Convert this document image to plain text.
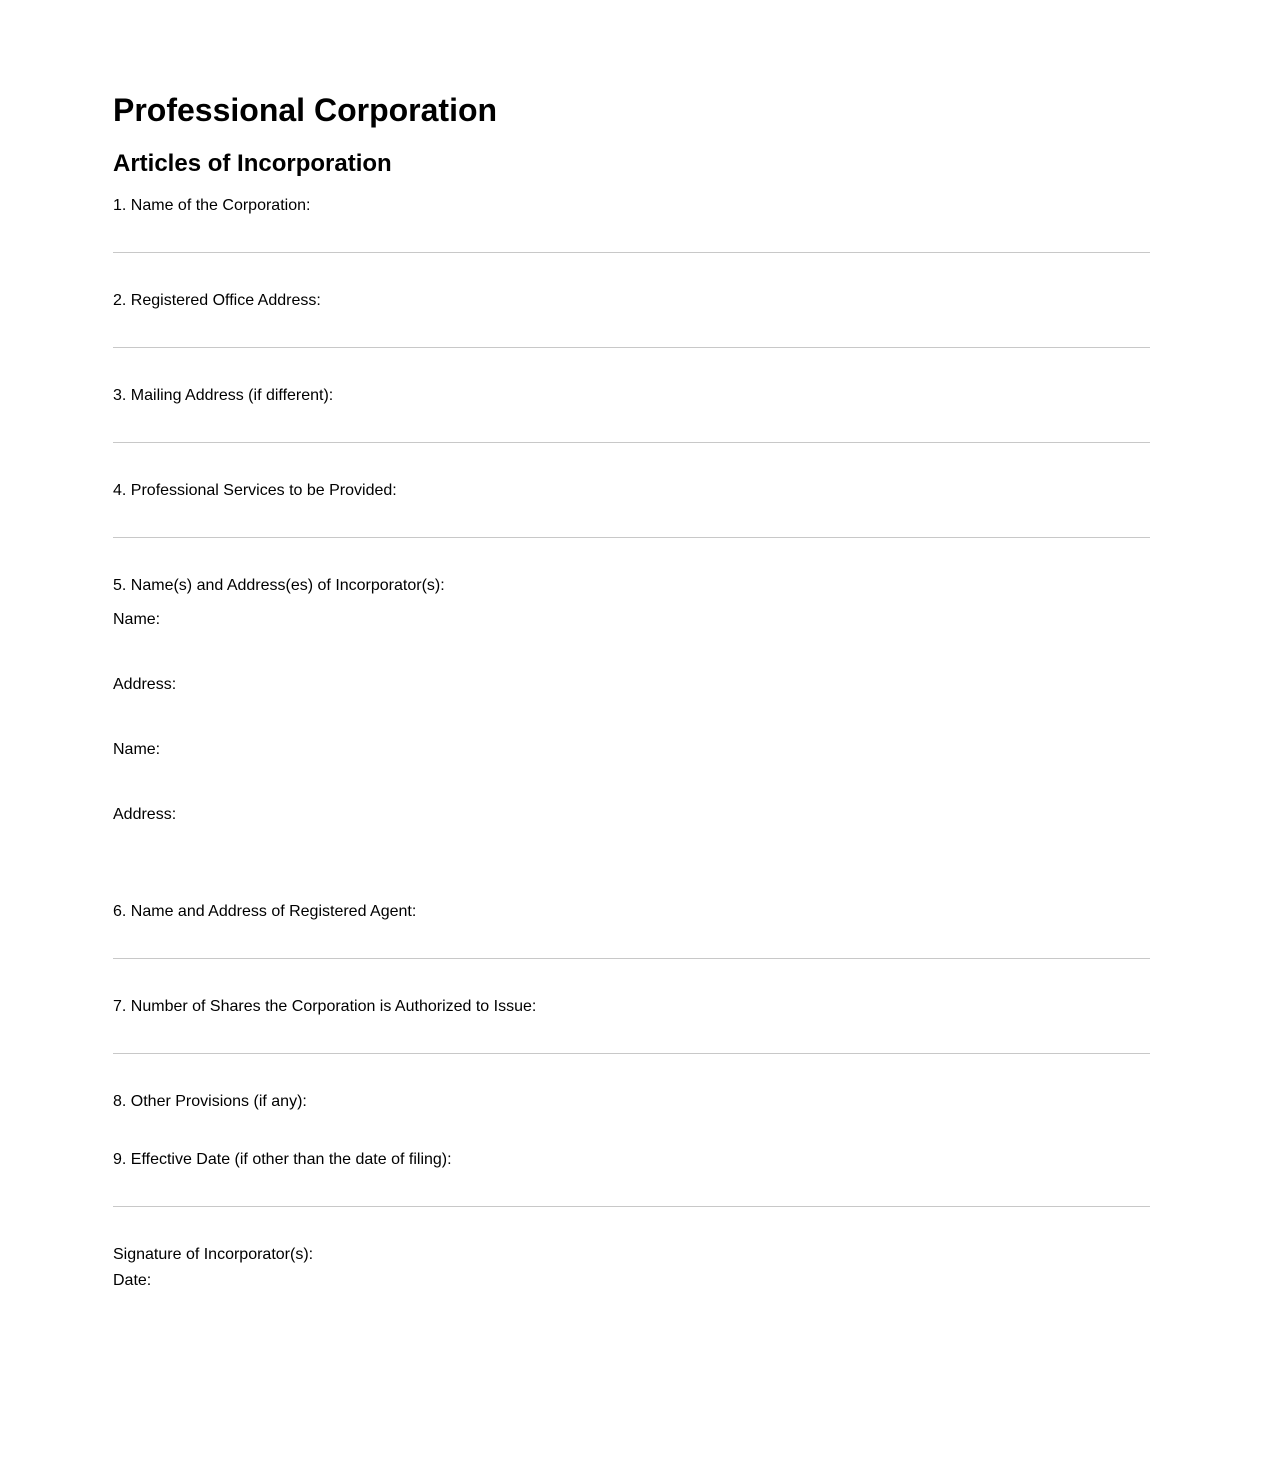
Professional Corporation
Articles of Incorporation
1. Name of the Corporation:
2. Registered Office Address:
3. Mailing Address (if different):
4. Professional Services to be Provided:
5. Name(s) and Address(es) of Incorporator(s):
Name:
Address:
Name:
Address:
6. Name and Address of Registered Agent:
7. Number of Shares the Corporation is Authorized to Issue:
8. Other Provisions (if any):
9. Effective Date (if other than the date of filing):
Signature of Incorporator(s):
Date:
